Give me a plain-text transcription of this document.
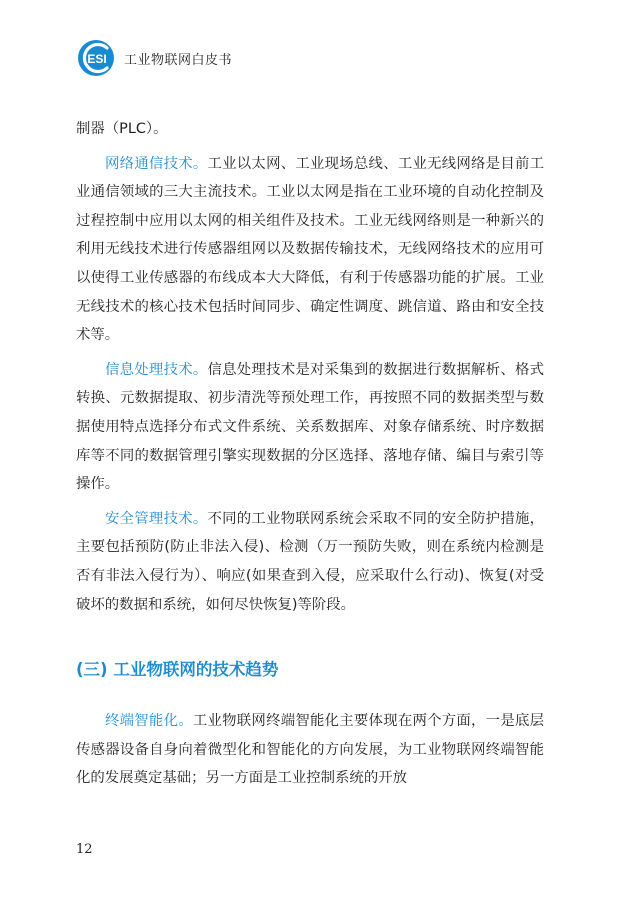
ESI 工业物联网白皮书

制器（PLC）。

网络通信技术。工业以太网、工业现场总线、工业无线网络是目前工业通信领域的三大主流技术。工业以太网是指在工业环境的自动化控制及过程控制中应用以太网的相关组件及技术。工业无线网络则是一种新兴的利用无线技术进行传感器组网以及数据传输技术，无线网络技术的应用可以使得工业传感器的布线成本大大降低，有利于传感器功能的扩展。工业无线技术的核心技术包括时间同步、确定性调度、跳信道、路由和安全技术等。

信息处理技术。信息处理技术是对采集到的数据进行数据解析、格式转换、元数据提取、初步清洗等预处理工作，再按照不同的数据类型与数据使用特点选择分布式文件系统、关系数据库、对象存储系统、时序数据库等不同的数据管理引擎实现数据的分区选择、落地存储、编目与索引等操作。

安全管理技术。不同的工业物联网系统会采取不同的安全防护措施，主要包括预防(防止非法入侵)、检测（万一预防失败，则在系统内检测是否有非法入侵行为）、响应(如果查到入侵，应采取什么行动)、恢复(对受破坏的数据和系统，如何尽快恢复)等阶段。

(三) 工业物联网的技术趋势

终端智能化。工业物联网终端智能化主要体现在两个方面，一是底层传感器设备自身向着微型化和智能化的方向发展，为工业物联网终端智能化的发展奠定基础；另一方面是工业控制系统的开放

12
